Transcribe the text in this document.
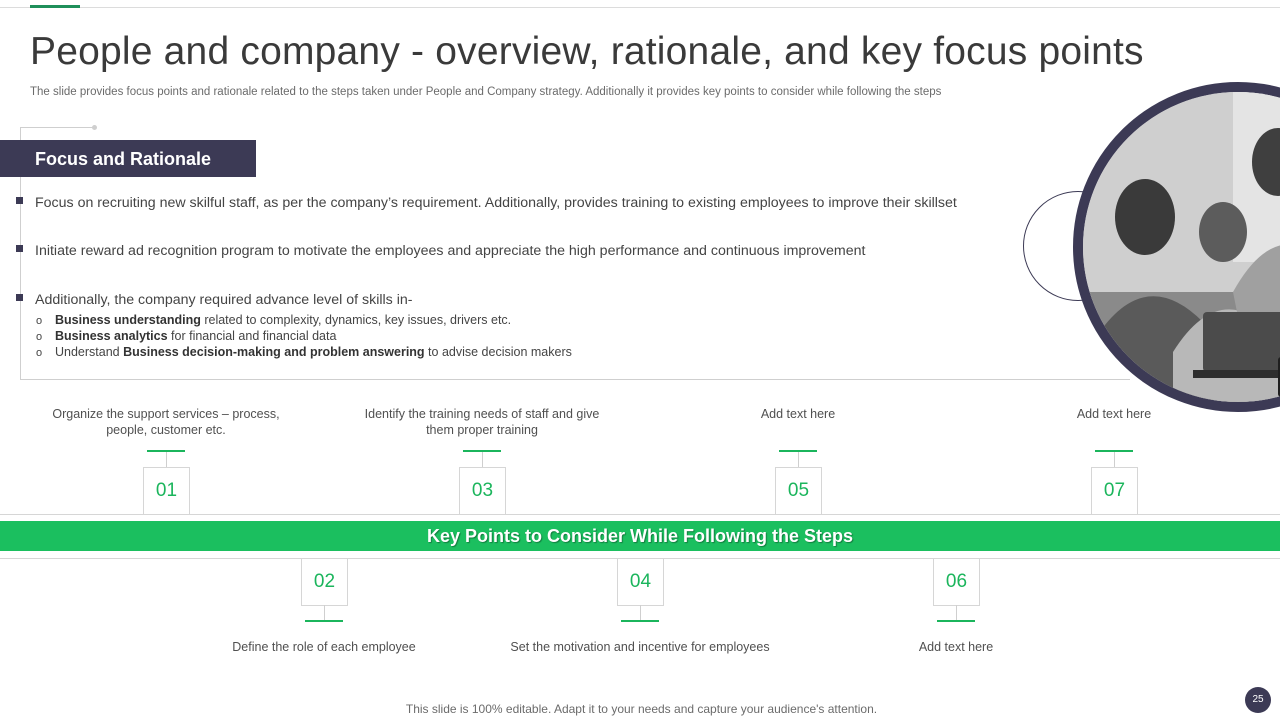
People and company - overview, rationale, and key focus points

The slide provides focus points and rationale related to the steps taken under People and Company strategy. Additionally it provides key points to consider while following the steps

Focus and Rationale
Focus on recruiting new skilful staff, as per the company’s requirement. Additionally, provides training to existing employees to improve their skillset
Initiate reward ad recognition program to motivate the employees and appreciate the high performance and continuous improvement
Additionally, the company required advance level of skills in-
o Business understanding related to complexity, dynamics, key issues, drivers etc.
o Business analytics for financial and financial data
o Understand Business decision-making and problem answering to advise decision makers
Organize the support services – process, people, customer etc.
01
Identify the training needs of staff and give them proper training
03
Add text here
05
Add text here
07
Key Points to Consider While Following the Steps
02
Define the role of each employee
04
Set the motivation and incentive for employees
06
Add text here
This slide is 100% editable. Adapt it to your needs and capture your audience's attention.
25
